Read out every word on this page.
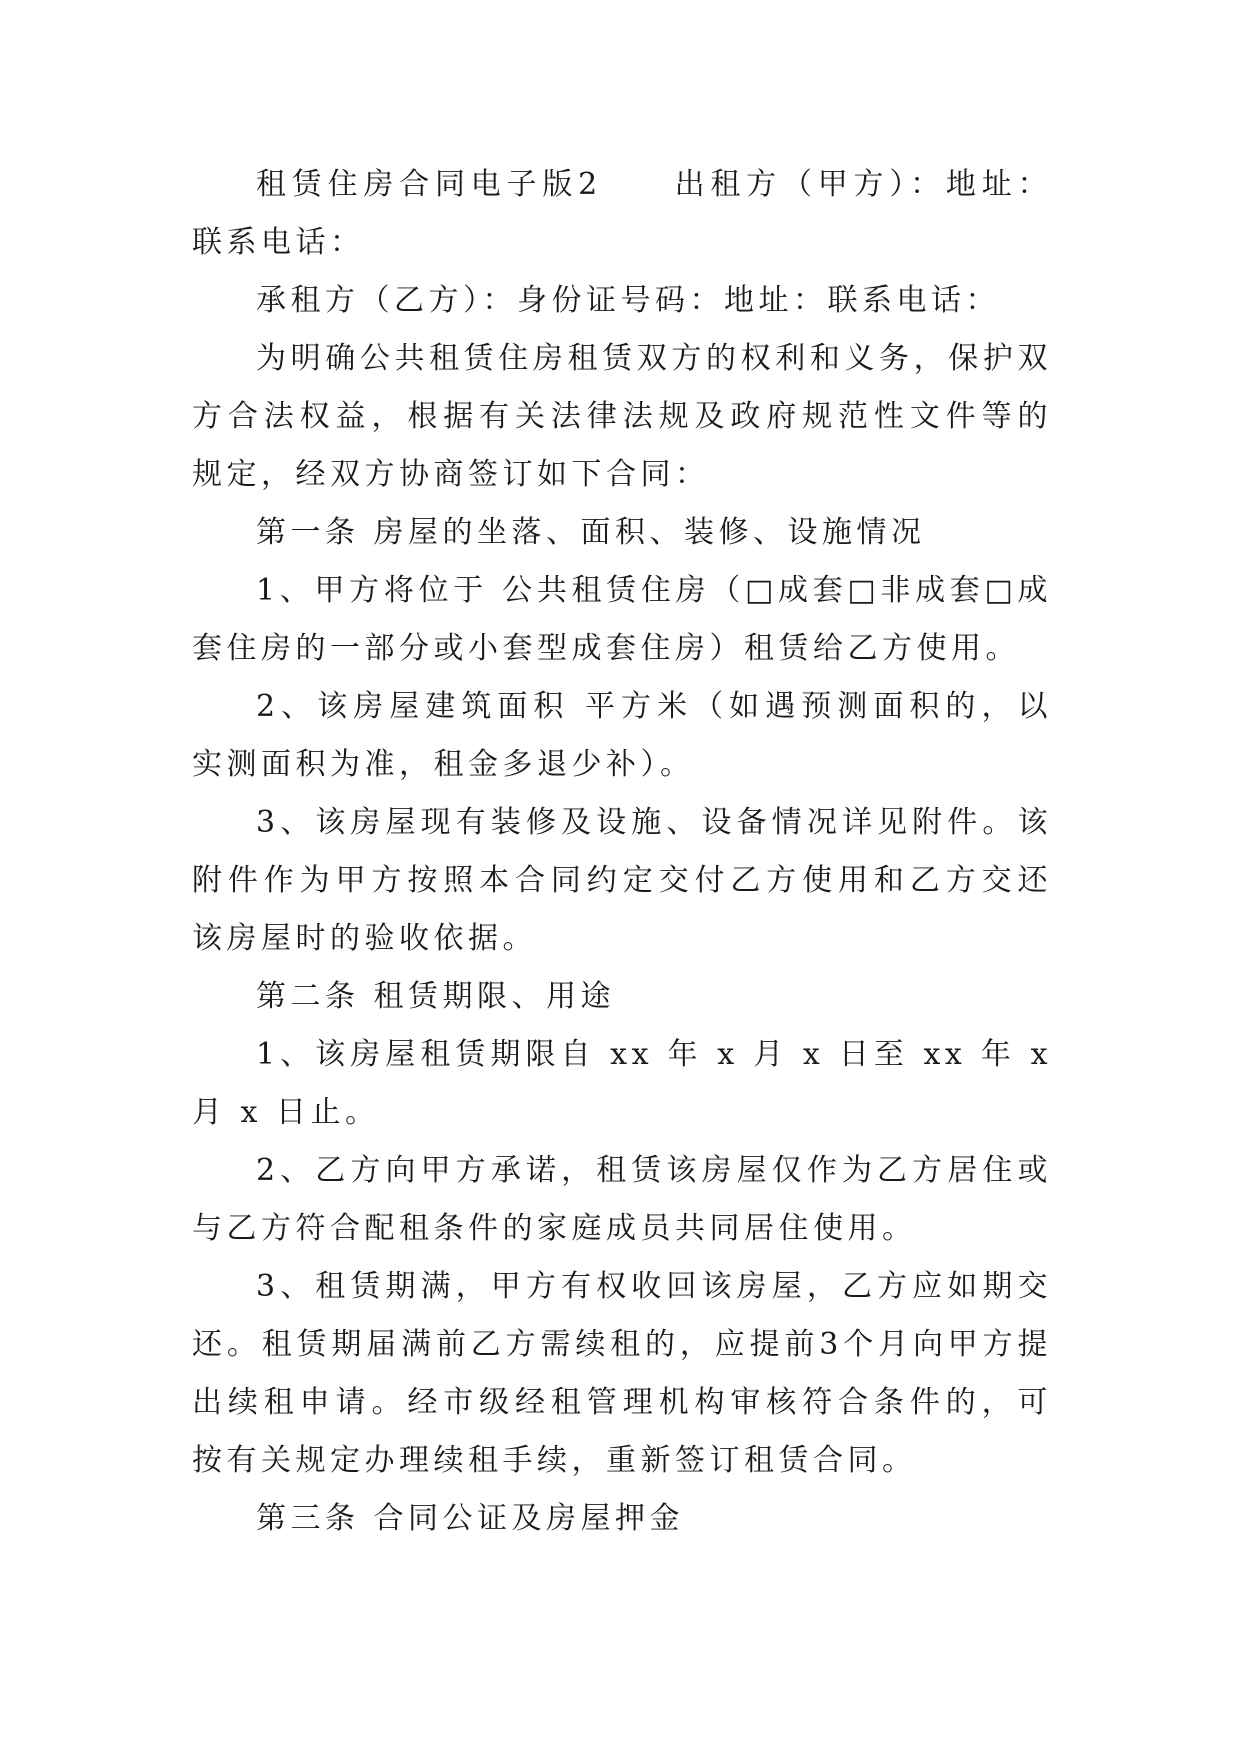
租赁住房合同电子版2　　出租方（甲方）：地址：联系电话：

承租方（乙方）：身份证号码：地址：联系电话：

为明确公共租赁住房租赁双方的权利和义务，保护双方合法权益，根据有关法律法规及政府规范性文件等的规定，经双方协商签订如下合同：

第一条 房屋的坐落、面积、装修、设施情况

1、甲方将位于 公共租赁住房（□成套□非成套□成套住房的一部分或小套型成套住房）租赁给乙方使用。

2、该房屋建筑面积 平方米（如遇预测面积的，以实测面积为准，租金多退少补）。

3、该房屋现有装修及设施、设备情况详见附件。该附件作为甲方按照本合同约定交付乙方使用和乙方交还该房屋时的验收依据。

第二条 租赁期限、用途

1、该房屋租赁期限自 xx 年 x 月 x 日至 xx 年 x 月 x 日止。

2、乙方向甲方承诺，租赁该房屋仅作为乙方居住或与乙方符合配租条件的家庭成员共同居住使用。

3、租赁期满，甲方有权收回该房屋，乙方应如期交还。租赁期届满前乙方需续租的，应提前3个月向甲方提出续租申请。经市级经租管理机构审核符合条件的，可按有关规定办理续租手续，重新签订租赁合同。

第三条 合同公证及房屋押金
